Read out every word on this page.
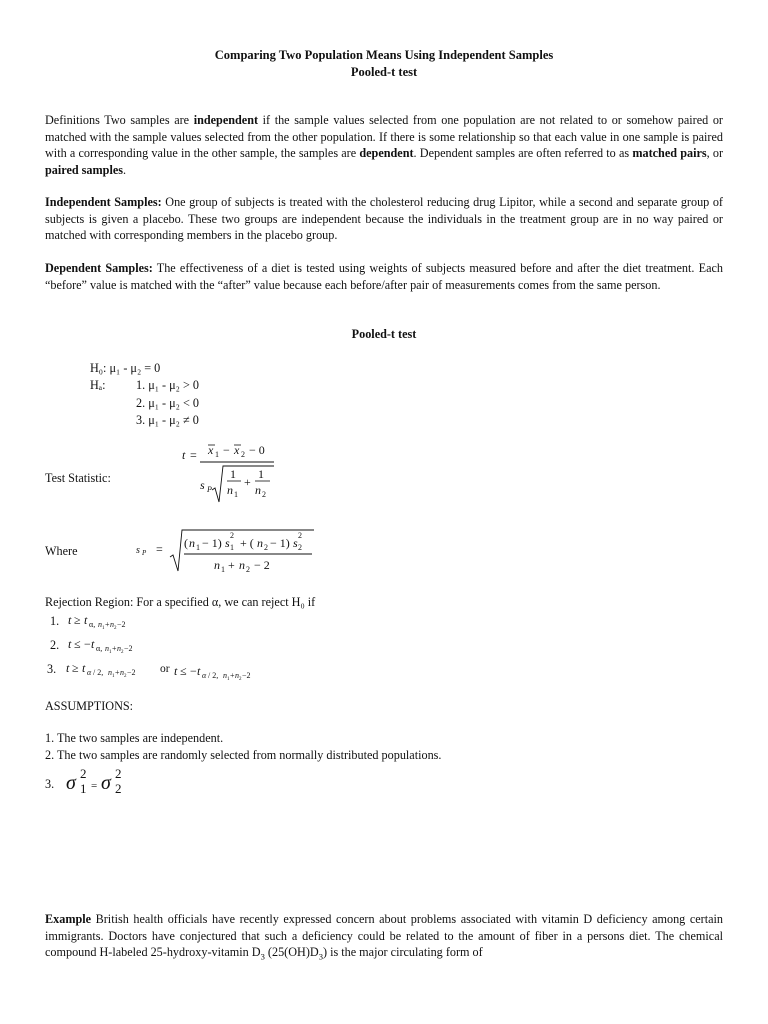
Comparing Two Population Means Using Independent Samples
Pooled-t test

Definitions Two samples are independent if the sample values selected from one population are not related to or somehow paired or matched with the sample values selected from the other population. If there is some relationship so that each value in one sample is paired with a corresponding value in the other sample, the samples are dependent. Dependent samples are often referred to as matched pairs, or paired samples.

Independent Samples: One group of subjects is treated with the cholesterol reducing drug Lipitor, while a second and separate group of subjects is given a placebo. These two groups are independent because the individuals in the treatment group are in no way paired or matched with corresponding members in the placebo group.

Dependent Samples: The effectiveness of a diet is tested using weights of subjects measured before and after the diet treatment. Each “before” value is matched with the “after” value because each before/after pair of measurements comes from the same person.

Pooled-t test
H₀: μ₁ - μ₂ = 0
Hₐ: 1. μ₁ - μ₂ > 0
2. μ₁ - μ₂ < 0
3. μ₁ - μ₂ ≠ 0
Test Statistic:
t = x 1 − x 2 − 0
s P
1
n 1
+
1
n 2
Where	s P = ( n 1 − 1) s
2
1 + ( n 2 − 1) s
2
2
n 1 + n 2 − 2
Rejection Region: For a specified α, we can reject H₀ if
1. t ≥ t α, n 1 + n 2 −2
2. t ≤ − t α, n 1 + n 2 −2
3. t ≥ t α / 2, n 1 + n 2 −2	t ≤ − t α / 2, n 1 + n 2 −2
or
ASSUMPTIONS:
1. The two samples are independent.
2. The two samples are randomly selected from normally distributed populations.
3. σ 2
1 = σ 2
2

Example British health officials have recently expressed concern about problems associated with vitamin D deficiency among certain immigrants. Doctors have conjectured that such a deficiency could be related to the amount of fiber in a persons diet. The chemical compound H-labeled 25-hydroxy-vitamin $D_3$ $(25(OH)D_3)$ is the major circulating form of
